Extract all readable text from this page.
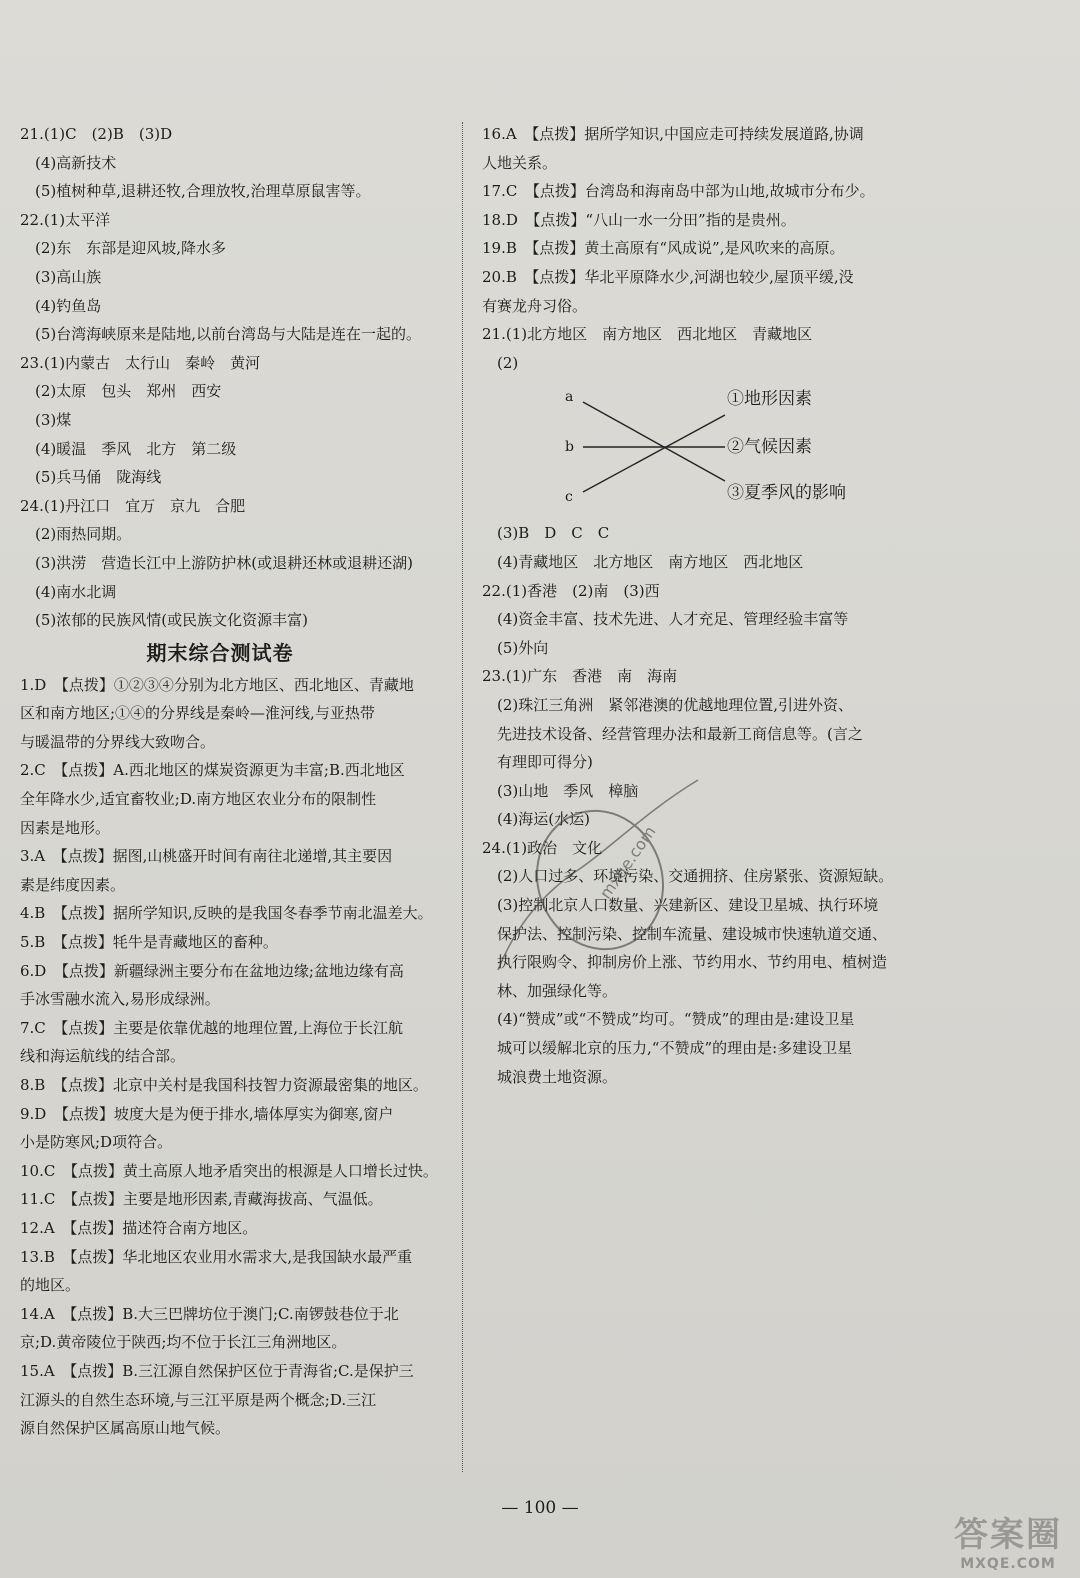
21.(1)C　(2)B　(3)D
(4)高新技术
(5)植树种草,退耕还牧,合理放牧,治理草原鼠害等。
22.(1)太平洋
(2)东　东部是迎风坡,降水多
(3)高山族
(4)钓鱼岛
(5)台湾海峡原来是陆地,以前台湾岛与大陆是连在一起的。
23.(1)内蒙古　太行山　秦岭　黄河
(2)太原　包头　郑州　西安
(3)煤
(4)暖温　季风　北方　第二级
(5)兵马俑　陇海线
24.(1)丹江口　宜万　京九　合肥
(2)雨热同期。
(3)洪涝　营造长江中上游防护林(或退耕还林或退耕还湖)
(4)南水北调
(5)浓郁的民族风情(或民族文化资源丰富)
期末综合测试卷
1.D　【点拨】①②③④分别为北方地区、西北地区、青藏地
区和南方地区;①④的分界线是秦岭—淮河线,与亚热带
与暖温带的分界线大致吻合。
2.C　【点拨】A.西北地区的煤炭资源更为丰富;B.西北地区
全年降水少,适宜畜牧业;D.南方地区农业分布的限制性
因素是地形。
3.A　【点拨】据图,山桃盛开时间有南往北递增,其主要因
素是纬度因素。
4.B　【点拨】据所学知识,反映的是我国冬春季节南北温差大。
5.B　【点拨】牦牛是青藏地区的畜种。
6.D　【点拨】新疆绿洲主要分布在盆地边缘;盆地边缘有高
手冰雪融水流入,易形成绿洲。
7.C　【点拨】主要是依靠优越的地理位置,上海位于长江航
线和海运航线的结合部。
8.B　【点拨】北京中关村是我国科技智力资源最密集的地区。
9.D　【点拨】坡度大是为便于排水,墙体厚实为御寒,窗户
小是防寒风;D项符合。
10.C　【点拨】黄土高原人地矛盾突出的根源是人口增长过快。
11.C　【点拨】主要是地形因素,青藏海拔高、气温低。
12.A　【点拨】描述符合南方地区。
13.B　【点拨】华北地区农业用水需求大,是我国缺水最严重
的地区。
14.A　【点拨】B.大三巴牌坊位于澳门;C.南锣鼓巷位于北
京;D.黄帝陵位于陕西;均不位于长江三角洲地区。
15.A　【点拨】B.三江源自然保护区位于青海省;C.是保护三
江源头的自然生态环境,与三江平原是两个概念;D.三江
源自然保护区属高原山地气候。
16.A　【点拨】据所学知识,中国应走可持续发展道路,协调
人地关系。
17.C　【点拨】台湾岛和海南岛中部为山地,故城市分布少。
18.D　【点拨】“八山一水一分田”指的是贵州。
19.B　【点拨】黄土高原有“风成说”,是风吹来的高原。
20.B　【点拨】华北平原降水少,河湖也较少,屋顶平缓,没
有赛龙舟习俗。
21.(1)北方地区　南方地区　西北地区　青藏地区
(2)
a
b
c
①地形因素
②气候因素
③夏季风的影响
(3)B　D　C　C
(4)青藏地区　北方地区　南方地区　西北地区
22.(1)香港　(2)南　(3)西
(4)资金丰富、技术先进、人才充足、管理经验丰富等
(5)外向
23.(1)广东　香港　南　海南
(2)珠江三角洲　紧邻港澳的优越地理位置,引进外资、
先进技术设备、经营管理办法和最新工商信息等。(言之
有理即可得分)
(3)山地　季风　樟脑
(4)海运(水运)
24.(1)政治　文化
(2)人口过多、环境污染、交通拥挤、住房紧张、资源短缺。
(3)控制北京人口数量、兴建新区、建设卫星城、执行环境
保护法、控制污染、控制车流量、建设城市快速轨道交通、
执行限购令、抑制房价上涨、节约用水、节约用电、植树造
林、加强绿化等。
(4)“赞成”或“不赞成”均可。“赞成”的理由是:建设卫星
城可以缓解北京的压力,“不赞成”的理由是:多建设卫星
城浪费土地资源。
mxqe.com
— 100 —
答案圈
MXQE.COM
